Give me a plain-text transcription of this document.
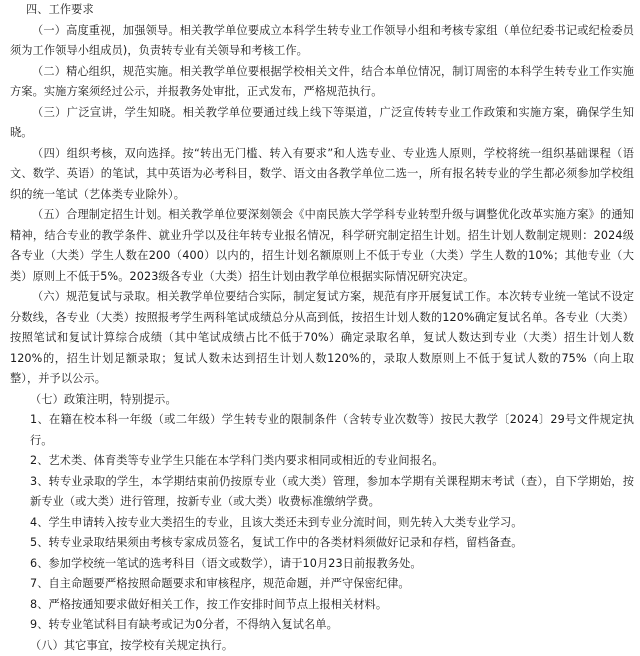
四、工作要求
（一）高度重视，加强领导。相关教学单位要成立本科学生转专业工作领导小组和考核专家组（单位纪委书记或纪检委员须为工作领导小组成员)，负责转专业有关领导和考核工作。
（二）精心组织，规范实施。相关教学单位要根据学校相关文件，结合本单位情况，制订周密的本科学生转专业工作实施方案。实施方案须经过公示，并报教务处审批，正式发布，严格规范执行。
（三）广泛宣讲，学生知晓。相关教学单位要通过线上线下等渠道，广泛宣传转专业工作政策和实施方案，确保学生知晓。
（四）组织考核，双向选择。按“转出无门槛、转入有要求”和人选专业、专业选人原则，学校将统一组织基础课程（语文、数学、英语）的笔试，其中英语为必考科目，数学、语文由各教学单位二选一，所有报名转专业的学生都必须参加学校组织的统一笔试（艺体类专业除外）。
（五）合理制定招生计划。相关教学单位要深刻领会《中南民族大学学科专业转型升级与调整优化改革实施方案》的通知精神，结合专业的教学条件、就业升学以及往年转专业报名情况，科学研究制定招生计划。招生计划人数制定规则：2024级各专业（大类）学生人数在200（400）以内的，招生计划名额原则上不低于专业（大类）学生人数的10%；其他专业（大类）原则上不低于5%。2023级各专业（大类）招生计划由教学单位根据实际情况研究决定。
（六）规范复试与录取。相关教学单位要结合实际，制定复试方案，规范有序开展复试工作。本次转专业统一笔试不设定分数线，各专业（大类）按照报考学生两科笔试成绩总分从高到低，按招生计划人数的120%确定复试名单。各专业（大类）按照笔试和复试计算综合成绩（其中笔试成绩占比不低于70%）确定录取名单，复试人数达到专业（大类）招生计划人数120%的，招生计划足额录取；复试人数未达到招生计划人数120%的，录取人数原则上不低于复试人数的75%（向上取整），并予以公示。
（七）政策注明，特别提示。
1、在籍在校本科一年级（或二年级）学生转专业的限制条件（含转专业次数等）按民大教学〔2024〕29号文件规定执行。
2、艺术类、体育类等专业学生只能在本学科门类内要求相同或相近的专业间报名。
3、转专业录取的学生，本学期结束前仍按原专业（或大类）管理，参加本学期有关课程期末考试（查），自下学期始，按新专业（或大类）进行管理，按新专业（或大类）收费标准缴纳学费。
4、学生申请转入按专业大类招生的专业，且该大类还未到专业分流时间，则先转入大类专业学习。
5、转专业录取结果须由考核专家成员签名，复试工作中的各类材料须做好记录和存档，留档备查。
6、参加学校统一笔试的选考科目（语文或数学），请于10月23日前报教务处。
7、自主命题要严格按照命题要求和审核程序，规范命题，并严守保密纪律。
8、严格按通知要求做好相关工作，按工作安排时间节点上报相关材料。
9、转专业笔试科目有缺考或记为0分者，不得纳入复试名单。
（八）其它事宜，按学校有关规定执行。
